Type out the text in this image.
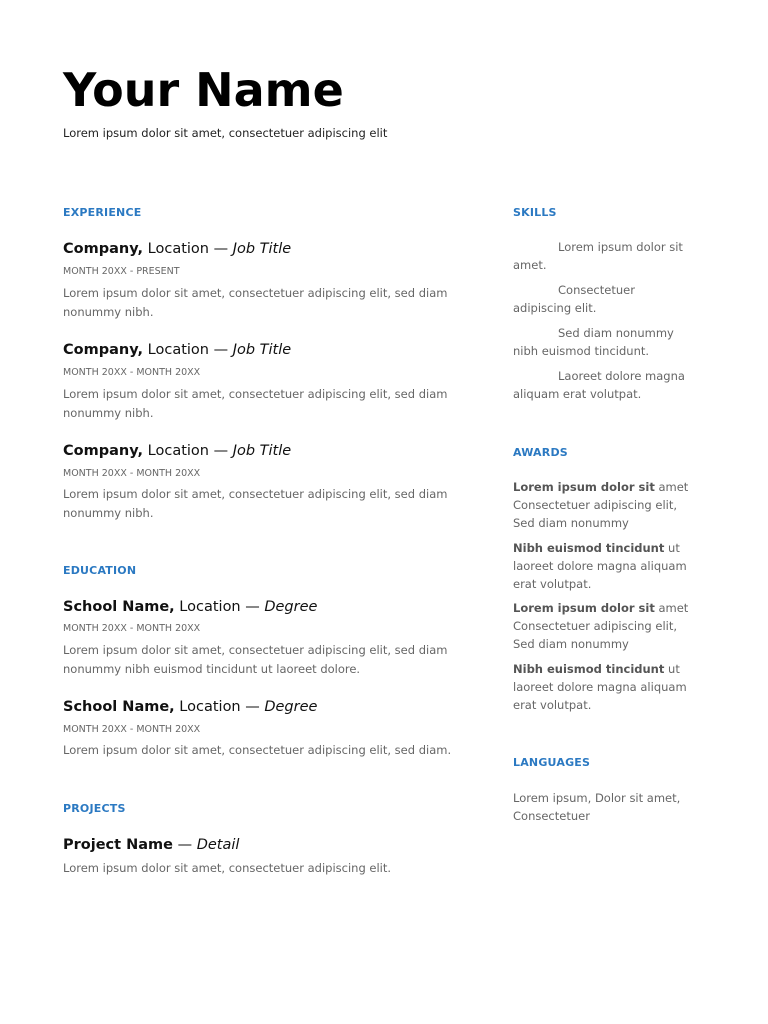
Your Name
Lorem ipsum dolor sit amet, consectetuer adipiscing elit
EXPERIENCE
Company, Location — Job Title
MONTH 20XX - PRESENT
Lorem ipsum dolor sit amet, consectetuer adipiscing elit, sed diam nonummy nibh.
Company, Location — Job Title
MONTH 20XX - MONTH 20XX
Lorem ipsum dolor sit amet, consectetuer adipiscing elit, sed diam nonummy nibh.
Company, Location — Job Title
MONTH 20XX - MONTH 20XX
Lorem ipsum dolor sit amet, consectetuer adipiscing elit, sed diam nonummy nibh.
EDUCATION
School Name, Location — Degree
MONTH 20XX - MONTH 20XX
Lorem ipsum dolor sit amet, consectetuer adipiscing elit, sed diam nonummy nibh euismod tincidunt ut laoreet dolore.
School Name, Location — Degree
MONTH 20XX - MONTH 20XX
Lorem ipsum dolor sit amet, consectetuer adipiscing elit, sed diam.
PROJECTS
Project Name — Detail
Lorem ipsum dolor sit amet, consectetuer adipiscing elit.
SKILLS
Lorem ipsum dolor sit amet.
Consectetuer adipiscing elit.
Sed diam nonummy nibh euismod tincidunt.
Laoreet dolore magna aliquam erat volutpat.
AWARDS
Lorem ipsum dolor sit amet Consectetuer adipiscing elit, Sed diam nonummy
Nibh euismod tincidunt ut laoreet dolore magna aliquam erat volutpat.
Lorem ipsum dolor sit amet Consectetuer adipiscing elit, Sed diam nonummy
Nibh euismod tincidunt ut laoreet dolore magna aliquam erat volutpat.
LANGUAGES
Lorem ipsum, Dolor sit amet, Consectetuer
